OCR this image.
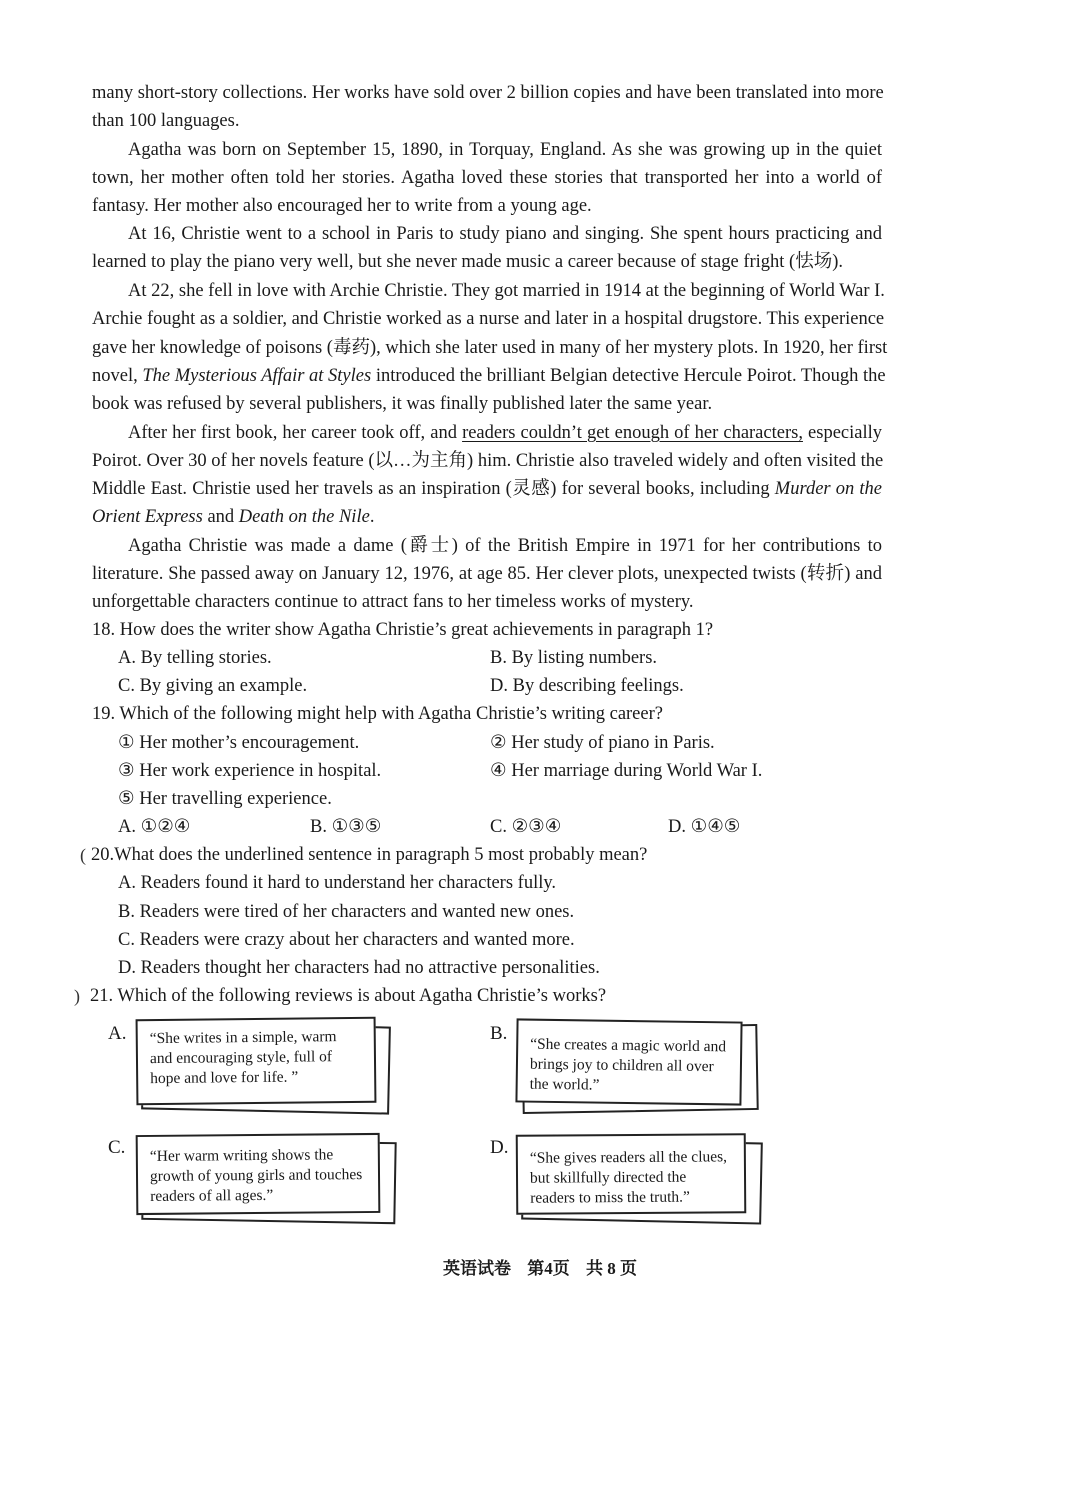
many short-story collections. Her works have sold over 2 billion copies and have been translated into more
than 100 languages.
Agatha was born on September 15, 1890, in Torquay, England. As she was growing up in the quiet
town, her mother often told her stories. Agatha loved these stories that transported her into a world of
fantasy. Her mother also encouraged her to write from a young age.
At 16, Christie went to a school in Paris to study piano and singing. She spent hours practicing and
learned to play the piano very well, but she never made music a career because of stage fright (怯场).
At 22, she fell in love with Archie Christie. They got married in 1914 at the beginning of World War I.
Archie fought as a soldier, and Christie worked as a nurse and later in a hospital drugstore. This experience
gave her knowledge of poisons (毒药), which she later used in many of her mystery plots. In 1920, her first
novel, The Mysterious Affair at Styles introduced the brilliant Belgian detective Hercule Poirot. Though the
book was refused by several publishers, it was finally published later the same year.
After her first book, her career took off, and readers couldn’t get enough of her characters, especially
Poirot. Over 30 of her novels feature (以…为主角) him. Christie also traveled widely and often visited the
Middle East. Christie used her travels as an inspiration (灵感) for several books, including Murder on the
Orient Express and Death on the Nile.
Agatha Christie was made a dame (爵士) of the British Empire in 1971 for her contributions to
literature. She passed away on January 12, 1976, at age 85. Her clever plots, unexpected twists (转折) and
unforgettable characters continue to attract fans to her timeless works of mystery.
18. How does the writer show Agatha Christie’s great achievements in paragraph 1?
A. By telling stories.	B. By listing numbers.
C. By giving an example.	D. By describing feelings.
19. Which of the following might help with Agatha Christie’s writing career?
① Her mother’s encouragement.	② Her study of piano in Paris.
③ Her work experience in hospital.	④ Her marriage during World War I.
⑤ Her travelling experience.
A. ①②④	B. ①③⑤	C. ②③④	D. ①④⑤
( 20.What does the underlined sentence in paragraph 5 most probably mean?
A. Readers found it hard to understand her characters fully.
B. Readers were tired of her characters and wanted new ones.
C. Readers were crazy about her characters and wanted more.
D. Readers thought her characters had no attractive personalities.
) 21. Which of the following reviews is about Agatha Christie’s works?
A.	“She writes in a simple, warm and encouraging style, full of hope and love for life. ”
B.
“She creates a magic world and brings joy to children all over the world.”
C.	“Her warm writing shows the growth of young girls and touches readers of all ages.”
D.	“She gives readers all the clues, but skillfully directed the readers to miss the truth.”
英语试卷 第4页 共 8 页
